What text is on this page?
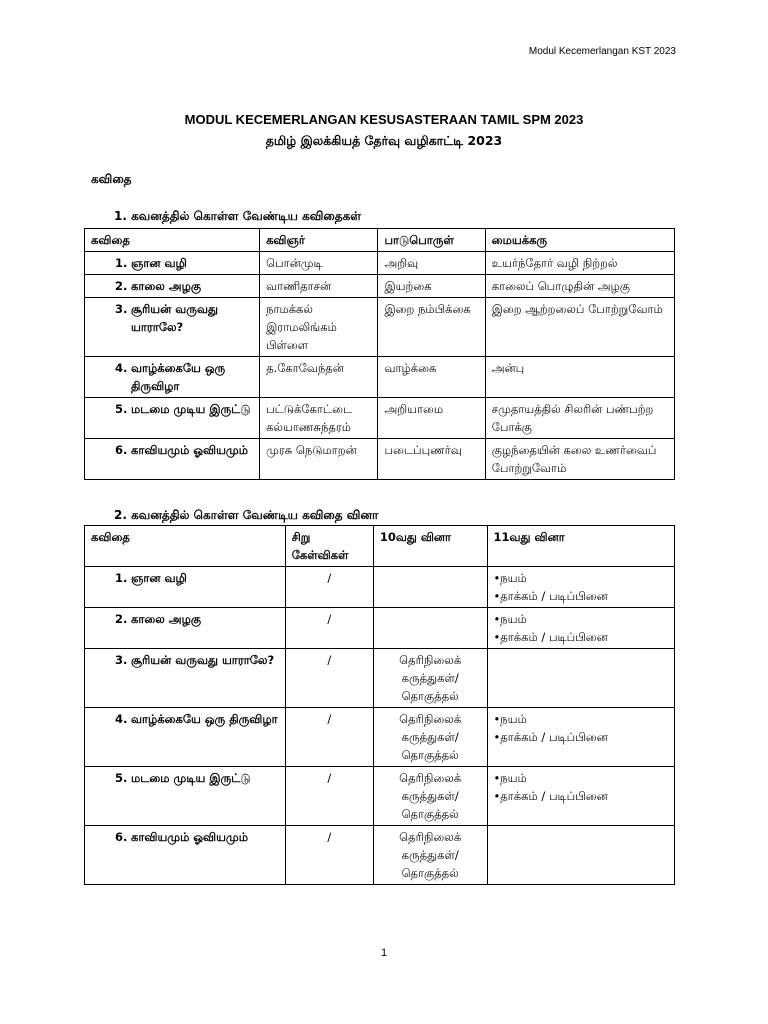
Modul Kecemerlangan KST 2023
MODUL KECEMERLANGAN KESUSASTERAAN TAMIL SPM 2023
தமிழ் இலக்கியத் தேர்வு வழிகாட்டி 2023
கவிதை
1. கவனத்தில் கொள்ள வேண்டிய கவிதைகள்
கவிதை	கவிஞர்	பாடுபொருள்	மையக்கரு

1. ஞான வழி	பொன்முடி	அறிவு	உயர்ந்தோர் வழி நிற்றல்

2. காலை அழகு	வாணிதாசன்	இயற்கை	காலைப் பொழுதின் அழகு

3. சூரியன் வருவது யாராலே?	நாமக்கல் இராமலிங்கம் பிள்ளை	இறை நம்பிக்கை	இறை ஆற்றலைப் போற்றுவோம்

4. வாழ்க்கையே ஒரு திருவிழா	த.கோவேந்தன்	வாழ்க்கை	அன்பு

5. மடமை முடிய இருட்டு	பட்டுக்கோட்டை கல்யாணசுந்தரம்	அறியாமை	சமுதாயத்தில் சிலரின் பண்பற்ற போக்கு

6. காவியமும் ஓவியமும்	முரசு நெடுமாறன்	படைப்புணர்வு	குழந்தையின் கலை உணர்வைப் போற்றுவோம்
2. கவனத்தில் கொள்ள வேண்டிய கவிதை வினா
கவிதை	சிறு கேள்விகள்	10வது வினா	11வது வினா

1. ஞான வழி	/		•நயம்
•தாக்கம் / படிப்பினை

2. காலை அழகு	/		•நயம்
•தாக்கம் / படிப்பினை

3. சூரியன் வருவது யாராலே?	/	தெரிநிலைக் கருத்துகள்/ தொகுத்தல்	

4. வாழ்க்கையே ஒரு திருவிழா	/	தெரிநிலைக் கருத்துகள்/ தொகுத்தல்	•நயம்
•தாக்கம் / படிப்பினை

5. மடமை முடிய இருட்டு	/	தெரிநிலைக் கருத்துகள்/ தொகுத்தல்	•நயம்
•தாக்கம் / படிப்பினை

6. காவியமும் ஓவியமும்	/	தெரிநிலைக் கருத்துகள்/ தொகுத்தல்	
1
